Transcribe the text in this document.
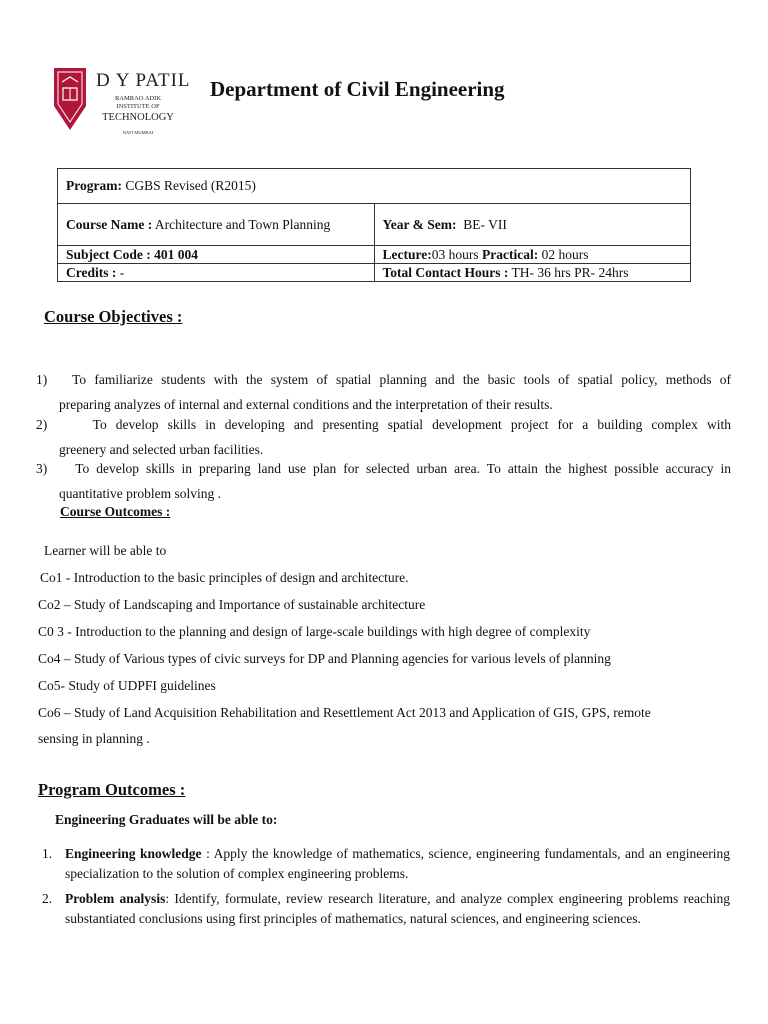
D Y PATIL
RAMRAO ADIK
INSTITUTE OF
TECHNOLOGY
NAVI MUMBAI
Department of Civil Engineering
Program: CGBS Revised (R2015)	
Course Name : Architecture and Town Planning	Year & Sem: BE- VII
Subject Code : 401 004	Lecture:03 hours Practical: 02 hours
Credits : -	Total Contact Hours : TH- 36 hrs PR- 24hrs
Course Objectives :
1) To familiarize students with the system of spatial planning and the basic tools of spatial policy, methods of
preparing analyzes of internal and external conditions and the interpretation of their results.
2)	To develop skills in developing and presenting spatial development project for a building complex with
greenery and selected urban facilities.
3) To develop skills in preparing land use plan for selected urban area. To attain the highest possible accuracy in
quantitative problem solving .
Course Outcomes :
Learner will be able to
Co1 - Introduction to the basic principles of design and architecture.
Co2 – Study of Landscaping and Importance of sustainable architecture
C0 3 - Introduction to the planning and design of large-scale buildings with high degree of complexity
Co4 – Study of Various types of civic surveys for DP and Planning agencies for various levels of planning
Co5- Study of UDPFI guidelines
Co6 – Study of Land Acquisition Rehabilitation and Resettlement Act 2013 and Application of GIS, GPS, remote
sensing in planning .
Program Outcomes :
Engineering Graduates will be able to:
1. Engineering knowledge : Apply the knowledge of mathematics, science, engineering fundamentals, and an engineering specialization to the solution of complex engineering problems.
2. Problem analysis: Identify, formulate, review research literature, and analyze complex engineering problems reaching substantiated conclusions using first principles of mathematics, natural sciences, and engineering sciences.
